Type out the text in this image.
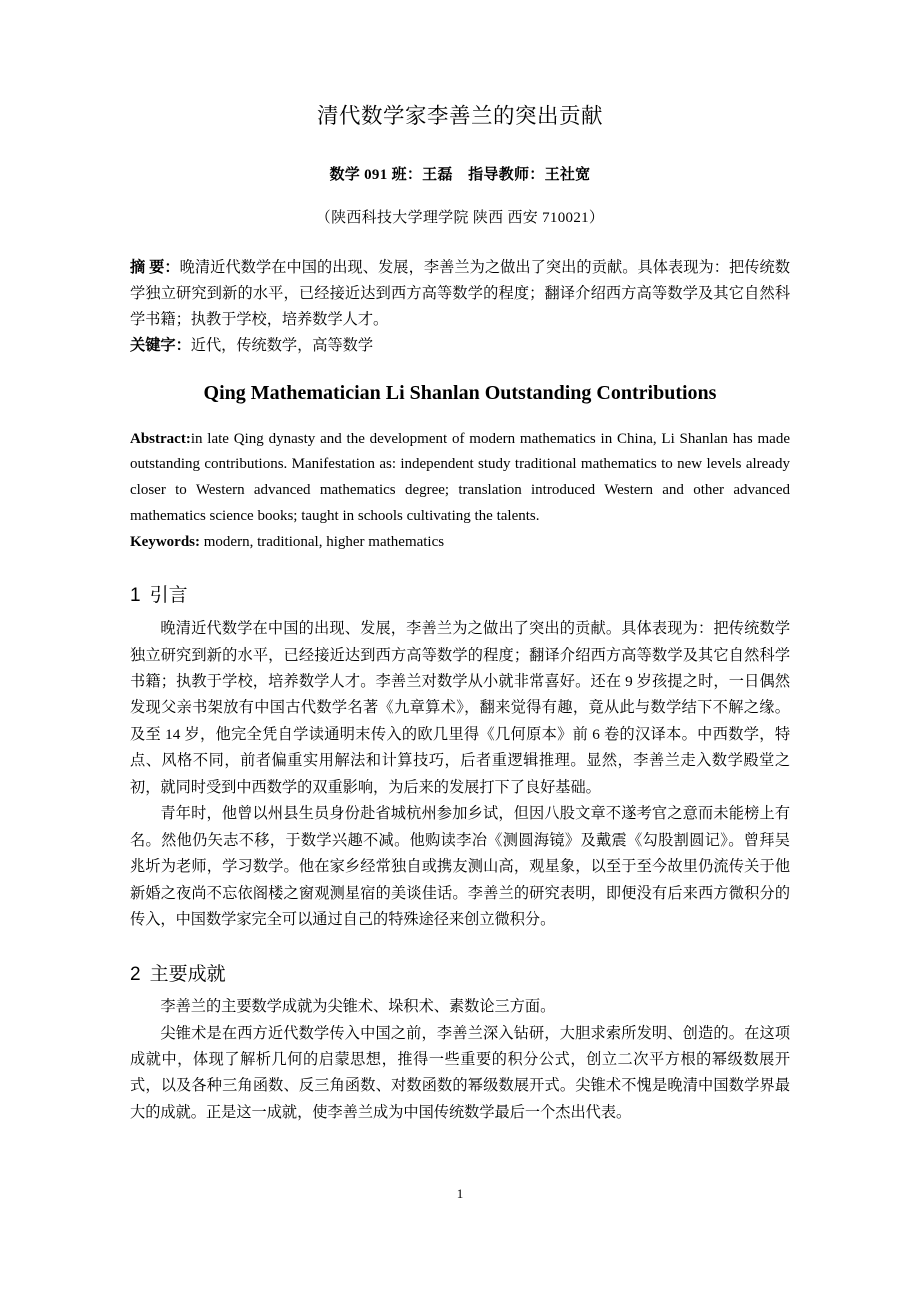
清代数学家李善兰的突出贡献
数学 091 班：王磊　指导教师：王社宽
（陕西科技大学理学院 陕西 西安 710021）
摘 要：晚清近代数学在中国的出现、发展，李善兰为之做出了突出的贡献。具体表现为：把传统数学独立研究到新的水平，已经接近达到西方高等数学的程度；翻译介绍西方高等数学及其它自然科学书籍；执教于学校，培养数学人才。
关键字：近代，传统数学，高等数学
Qing Mathematician Li Shanlan Outstanding Contributions
Abstract:in late Qing dynasty and the development of modern mathematics in China, Li Shanlan has made outstanding contributions. Manifestation as: independent study traditional mathematics to new levels already closer to Western advanced mathematics degree; translation introduced Western and other advanced mathematics science books; taught in schools cultivating the talents.
Keywords: modern, traditional, higher mathematics
1 引言

晚清近代数学在中国的出现、发展，李善兰为之做出了突出的贡献。具体表现为：把传统数学独立研究到新的水平，已经接近达到西方高等数学的程度；翻译介绍西方高等数学及其它自然科学书籍；执教于学校，培养数学人才。李善兰对数学从小就非常喜好。还在 9 岁孩提之时，一日偶然发现父亲书架放有中国古代数学名著《九章算术》，翻来觉得有趣，竟从此与数学结下不解之缘。及至 14 岁，他完全凭自学读通明末传入的欧几里得《几何原本》前 6 卷的汉译本。中西数学，特点、风格不同，前者偏重实用解法和计算技巧，后者重逻辑推理。显然，李善兰走入数学殿堂之初，就同时受到中西数学的双重影响，为后来的发展打下了良好基础。

青年时，他曾以州县生员身份赴省城杭州参加乡试，但因八股文章不遂考官之意而未能榜上有名。然他仍矢志不移，于数学兴趣不减。他购读李冶《测圆海镜》及戴震《勾股割圆记》。曾拜吴兆圻为老师，学习数学。他在家乡经常独自或携友测山高，观星象，以至于至今故里仍流传关于他新婚之夜尚不忘依阁楼之窗观测星宿的美谈佳话。李善兰的研究表明，即便没有后来西方微积分的传入，中国数学家完全可以通过自己的特殊途径来创立微积分。

2 主要成就

李善兰的主要数学成就为尖锥术、垛积术、素数论三方面。

尖锥术是在西方近代数学传入中国之前，李善兰深入钻研，大胆求索所发明、创造的。在这项成就中，体现了解析几何的启蒙思想，推得一些重要的积分公式，创立二次平方根的幂级数展开式，以及各种三角函数、反三角函数、对数函数的幂级数展开式。尖锥术不愧是晚清中国数学界最大的成就。正是这一成就，使李善兰成为中国传统数学最后一个杰出代表。

1
